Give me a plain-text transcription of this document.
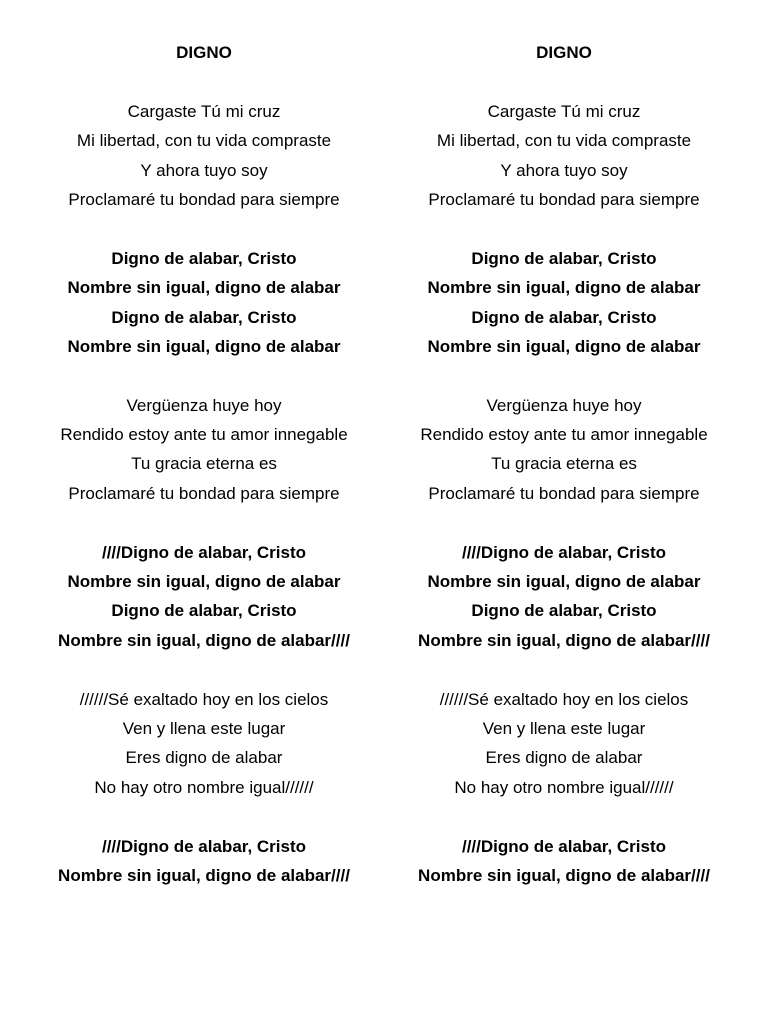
DIGNO
Cargaste Tú mi cruz
Mi libertad, con tu vida compraste
Y ahora tuyo soy
Proclamaré tu bondad para siempre
Digno de alabar, Cristo
Nombre sin igual, digno de alabar
Digno de alabar, Cristo
Nombre sin igual, digno de alabar
Vergüenza huye hoy
Rendido estoy ante tu amor innegable
Tu gracia eterna es
Proclamaré tu bondad para siempre
////Digno de alabar, Cristo
Nombre sin igual, digno de alabar
Digno de alabar, Cristo
Nombre sin igual, digno de alabar////
//////Sé exaltado hoy en los cielos
Ven y llena este lugar
Eres digno de alabar
No hay otro nombre igual//////
////Digno de alabar, Cristo
Nombre sin igual, digno de alabar////
DIGNO
Cargaste Tú mi cruz
Mi libertad, con tu vida compraste
Y ahora tuyo soy
Proclamaré tu bondad para siempre
Digno de alabar, Cristo
Nombre sin igual, digno de alabar
Digno de alabar, Cristo
Nombre sin igual, digno de alabar
Vergüenza huye hoy
Rendido estoy ante tu amor innegable
Tu gracia eterna es
Proclamaré tu bondad para siempre
////Digno de alabar, Cristo
Nombre sin igual, digno de alabar
Digno de alabar, Cristo
Nombre sin igual, digno de alabar////
//////Sé exaltado hoy en los cielos
Ven y llena este lugar
Eres digno de alabar
No hay otro nombre igual//////
////Digno de alabar, Cristo
Nombre sin igual, digno de alabar////
